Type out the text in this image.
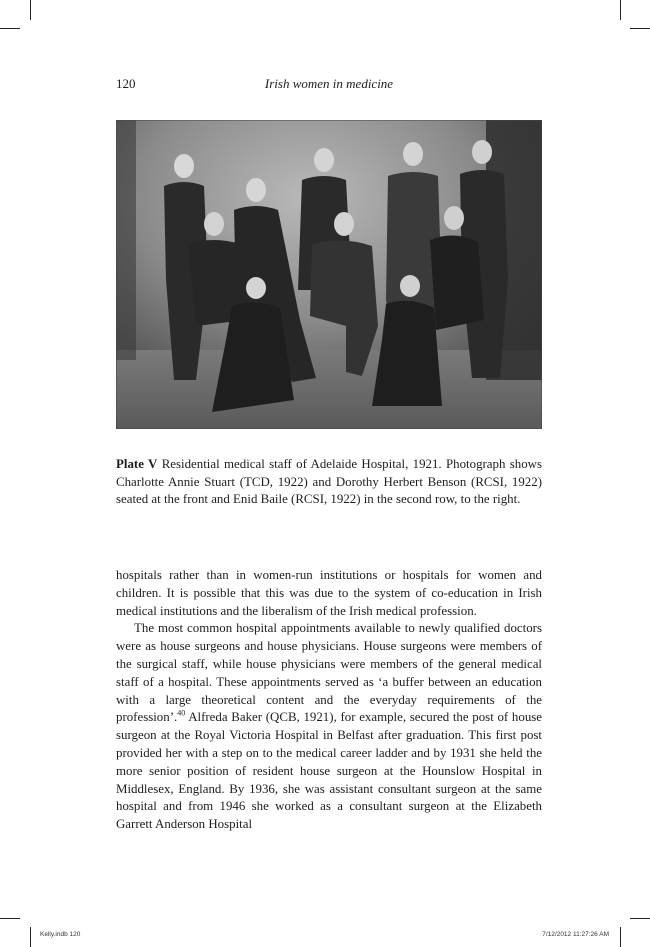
120	Irish women in medicine
Plate V Residential medical staff of Adelaide Hospital, 1921. Photograph shows Charlotte Annie Stuart (TCD, 1922) and Dorothy Herbert Benson (RCSI, 1922) seated at the front and Enid Baile (RCSI, 1922) in the second row, to the right.

hospitals rather than in women-run institutions or hospitals for women and children. It is possible that this was due to the system of co-education in Irish medical institutions and the liberalism of the Irish medical profession.

The most common hospital appointments available to newly qualified doctors were as house surgeons and house physicians. House surgeons were members of the surgical staff, while house physicians were members of the general medical staff of a hospital. These appointments served as ‘a buffer between an education with a large theoretical content and the everyday requirements of the profession’.$^{40}$ Alfreda Baker (QCB, 1921), for example, secured the post of house surgeon at the Royal Victoria Hospital in Belfast after graduation. This first post provided her with a step on to the medical career ladder and by 1931 she held the more senior position of resident house surgeon at the Hounslow Hospital in Middlesex, England. By 1936, she was assistant consultant surgeon at the same hospital and from 1946 she worked as a consultant surgeon at the Elizabeth Garrett Anderson Hospital

Kelly.indb 120	7/12/2012 11:27:26 AM
